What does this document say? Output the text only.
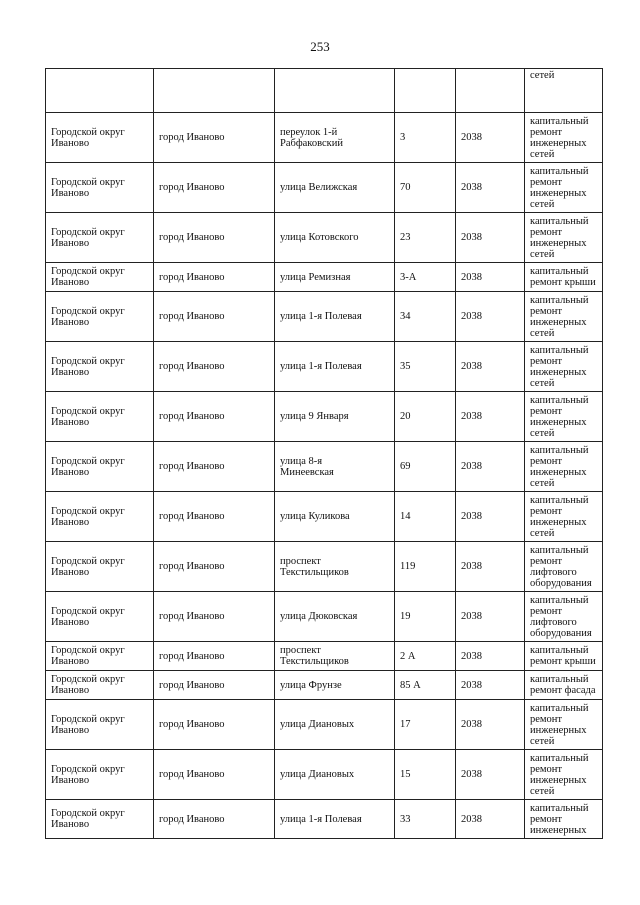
253

					сетей

Городской округ Иваново	город Иваново	переулок 1-й Рабфаковский	3	2038	капитальный
ремонт
инженерных
сетей

Городской округ Иваново	город Иваново	улица Велижская	70	2038	капитальный
ремонт
инженерных
сетей

Городской округ Иваново	город Иваново	улица Котовского	23	2038	капитальный
ремонт
инженерных
сетей

Городской округ Иваново	город Иваново	улица Ремизная	3-А	2038	капитальный
ремонт крыши

Городской округ Иваново	город Иваново	улица 1-я Полевая	34	2038	капитальный
ремонт
инженерных
сетей

Городской округ Иваново	город Иваново	улица 1-я Полевая	35	2038	капитальный
ремонт
инженерных
сетей

Городской округ Иваново	город Иваново	улица 9 Января	20	2038	капитальный
ремонт
инженерных
сетей

Городской округ Иваново	город Иваново	улица 8-я Минеевская	69	2038	капитальный
ремонт
инженерных
сетей

Городской округ Иваново	город Иваново	улица Куликова	14	2038	капитальный
ремонт
инженерных
сетей

Городской округ Иваново	город Иваново	проспект Текстильщиков	119	2038	капитальный
ремонт
лифтового
оборудования

Городской округ Иваново	город Иваново	улица Дюковская	19	2038	капитальный
ремонт
лифтового
оборудования

Городской округ Иваново	город Иваново	проспект Текстильщиков	2 А	2038	капитальный
ремонт крыши

Городской округ Иваново	город Иваново	улица Фрунзе	85 А	2038	капитальный
ремонт фасада

Городской округ Иваново	город Иваново	улица Диановых	17	2038	капитальный
ремонт
инженерных
сетей

Городской округ Иваново	город Иваново	улица Диановых	15	2038	капитальный
ремонт
инженерных
сетей

Городской округ Иваново	город Иваново	улица 1-я Полевая	33	2038	капитальный
ремонт
инженерных
